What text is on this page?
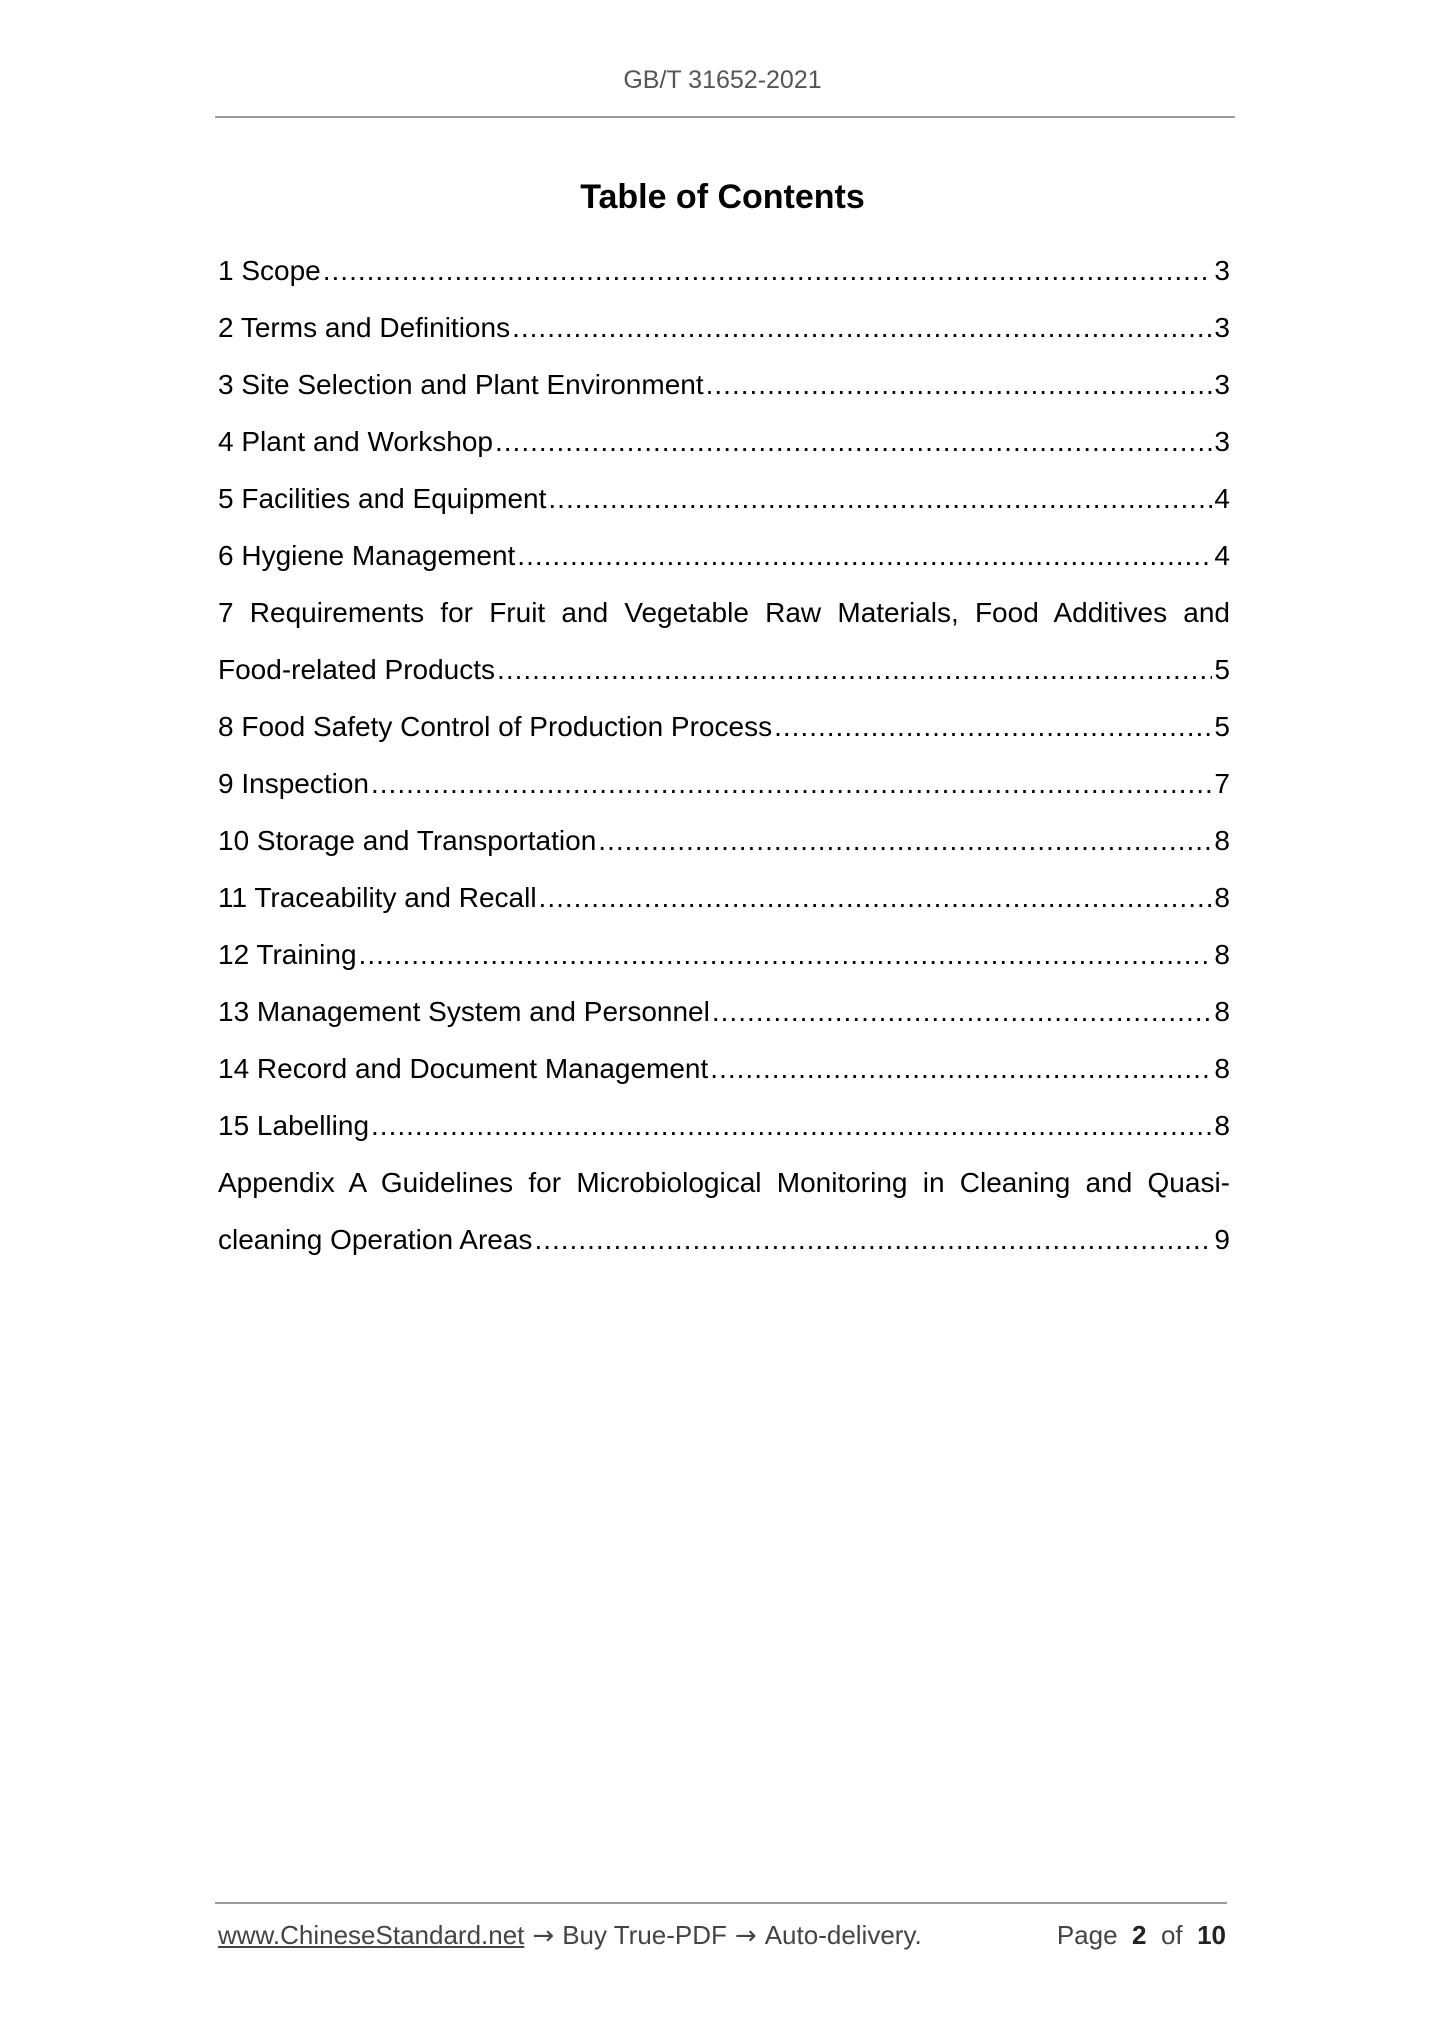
GB/T 31652-2021
Table of Contents
1 Scope .....	3
2 Terms and Definitions .....	3
3 Site Selection and Plant Environment .....	3
4 Plant and Workshop .....	3
5 Facilities and Equipment .....	4
6 Hygiene Management .....	4
7 Requirements for Fruit and Vegetable Raw Materials, Food Additives and
Food-related Products .....	5
8 Food Safety Control of Production Process .....	5
9 Inspection .....	7
10 Storage and Transportation .....	8
11 Traceability and Recall .....	8
12 Training .....	8
13 Management System and Personnel .....	8
14 Record and Document Management .....	8
15 Labelling .....	8
Appendix A Guidelines for Microbiological Monitoring in Cleaning and Quasi-
cleaning Operation Areas .....	9
www.ChineseStandard.net → Buy True-PDF → Auto-delivery.	Page 2 of 10
